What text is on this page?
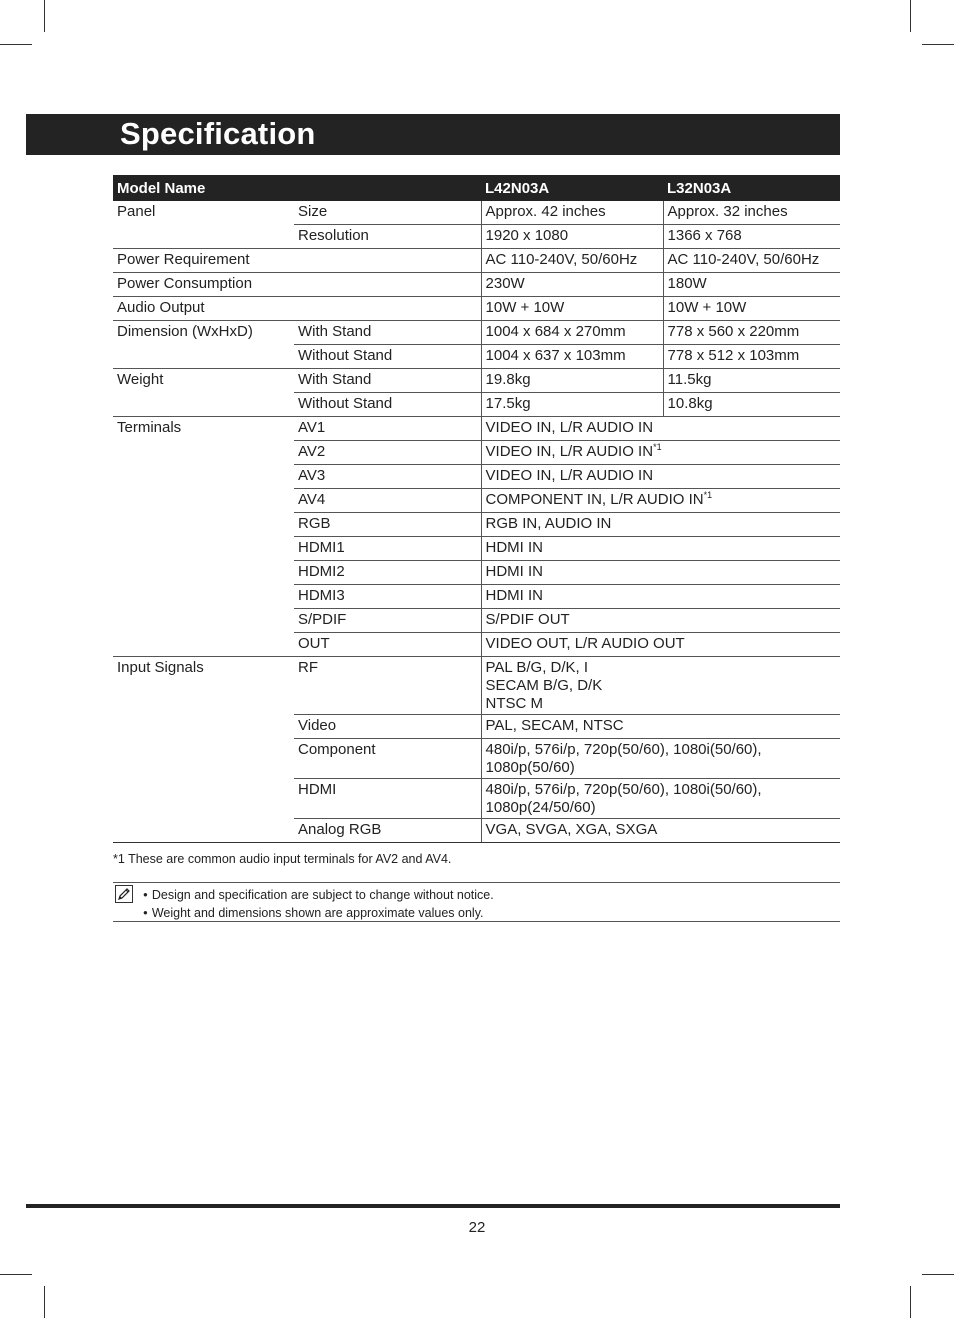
Specification
Model Name		L42N03A	L32N03A
Panel	Size	Approx. 42 inches	Approx. 32 inches
	Resolution	1920 x 1080	1366 x 768
Power Requirement		AC 110-240V, 50/60Hz	AC 110-240V, 50/60Hz
Power Consumption		230W	180W
Audio Output		10W + 10W	10W + 10W
Dimension (WxHxD)	With Stand	1004 x 684 x 270mm	778 x 560 x 220mm
	Without Stand	1004 x 637 x 103mm	778 x 512 x 103mm
Weight	With Stand	19.8kg	11.5kg
	Without Stand	17.5kg	10.8kg
Terminals	AV1	VIDEO IN, L/R AUDIO IN	
	AV2	VIDEO IN, L/R AUDIO IN$^{*1}$
	AV3	VIDEO IN, L/R AUDIO IN	
	AV4	COMPONENT IN, L/R AUDIO IN$^{*1}$
	RGB	RGB IN, AUDIO IN	
	HDMI1	HDMI IN	
	HDMI2	HDMI IN	
	HDMI3	HDMI IN	
	S/PDIF	S/PDIF OUT	
	OUT	VIDEO OUT, L/R AUDIO OUT	
Input Signals	RF	PAL B/G, D/K, I
SECAM B/G, D/K
NTSC M	

	Video	PAL, SECAM, NTSC	
	Component	480i/p, 576i/p, 720p(50/60), 1080i(50/60),
1080p(50/60)	

	HDMI	480i/p, 576i/p, 720p(50/60), 1080i(50/60),
1080p(24/50/60)	

	Analog RGB	VGA, SVGA, XGA, SXGA	
*1 These are common audio input terminals for AV2 and AV4.
● Design and specification are subject to change without notice.
● Weight and dimensions shown are approximate values only.
22
